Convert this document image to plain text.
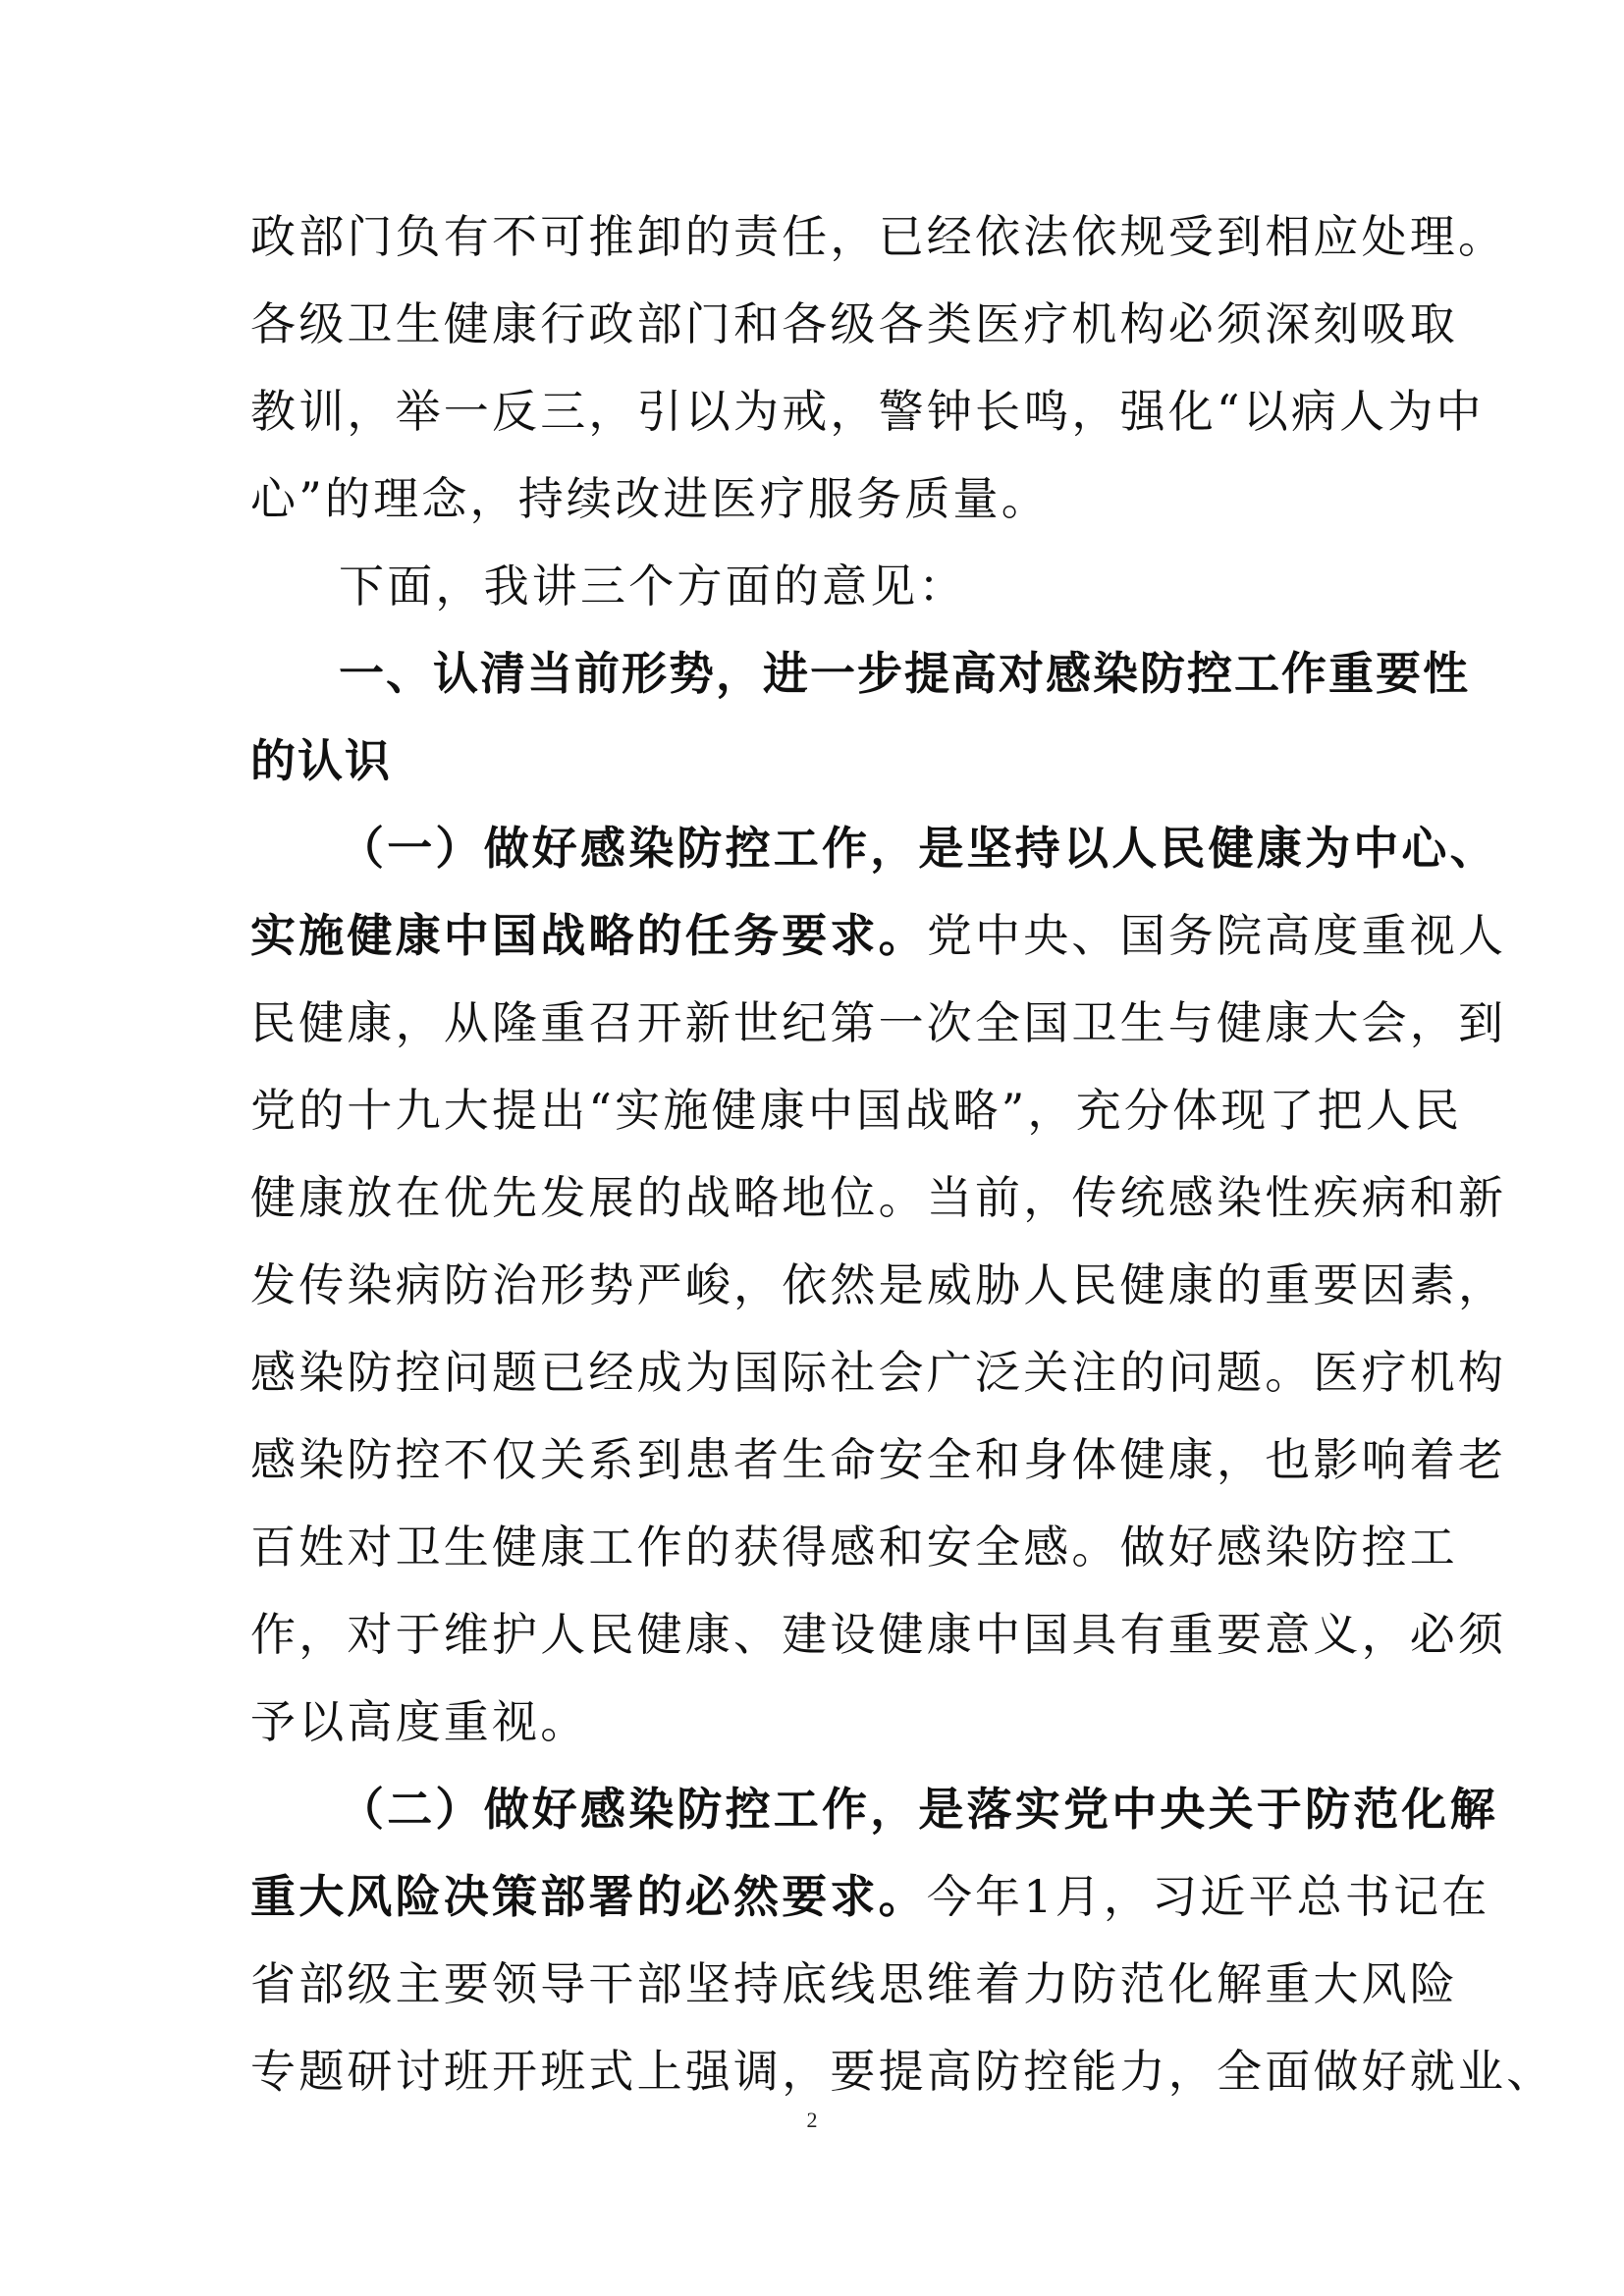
政部门负有不可推卸的责任，已经依法依规受到相应处理。
各级卫生健康行政部门和各级各类医疗机构必须深刻吸取
教训，举一反三，引以为戒，警钟长鸣，强化“以病人为中
心”的理念，持续改进医疗服务质量。
下面，我讲三个方面的意见：
一、认清当前形势，进一步提高对感染防控工作重要性
的认识
（一）做好感染防控工作，是坚持以人民健康为中心、
实施健康中国战略的任务要求。党中央、国务院高度重视人
民健康，从隆重召开新世纪第一次全国卫生与健康大会，到
党的十九大提出“实施健康中国战略”，充分体现了把人民
健康放在优先发展的战略地位。当前，传统感染性疾病和新
发传染病防治形势严峻，依然是威胁人民健康的重要因素，
感染防控问题已经成为国际社会广泛关注的问题。医疗机构
感染防控不仅关系到患者生命安全和身体健康，也影响着老
百姓对卫生健康工作的获得感和安全感。做好感染防控工
作，对于维护人民健康、建设健康中国具有重要意义，必须
予以高度重视。
（二）做好感染防控工作，是落实党中央关于防范化解
重大风险决策部署的必然要求。今年1月，习近平总书记在
省部级主要领导干部坚持底线思维着力防范化解重大风险
专题研讨班开班式上强调，要提高防控能力，全面做好就业、
2
